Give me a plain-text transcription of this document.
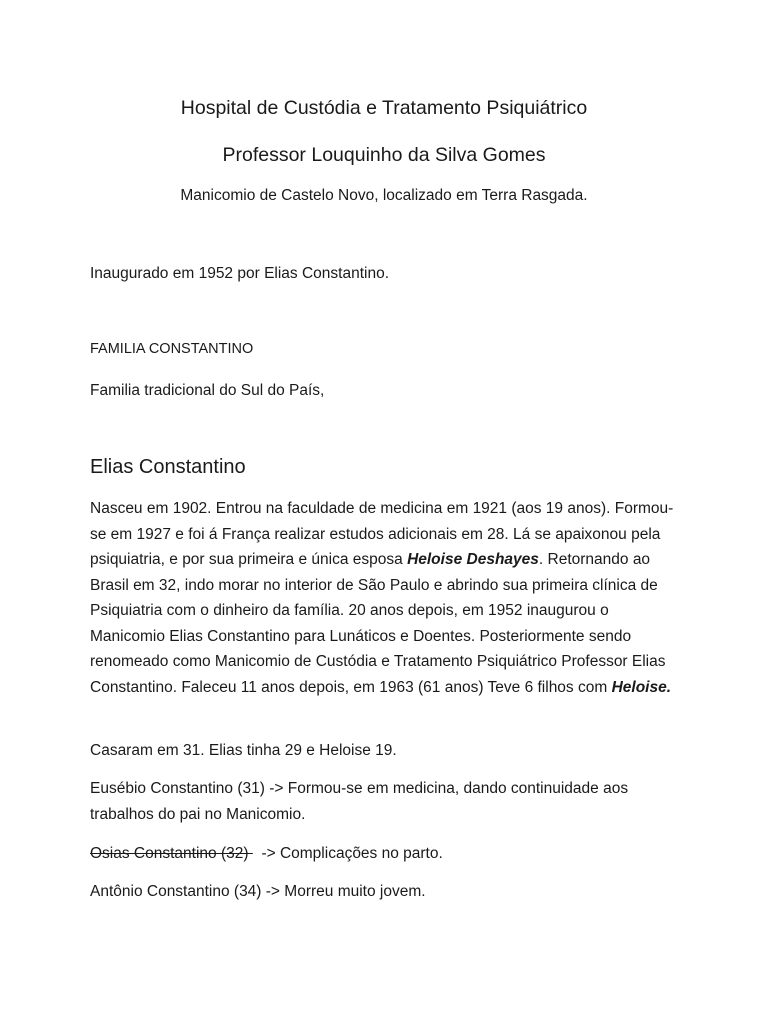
Hospital de Custódia e Tratamento Psiquiátrico

Professor Louquinho da Silva Gomes

Manicomio de Castelo Novo, localizado em Terra Rasgada.

Inaugurado em 1952 por Elias Constantino.

FAMILIA CONSTANTINO

Familia tradicional do Sul do País,

Elias Constantino

Nasceu em 1902. Entrou na faculdade de medicina em 1921 (aos 19 anos). Formou-se em 1927 e foi á França realizar estudos adicionais em 28. Lá se apaixonou pela psiquiatria, e por sua primeira e única esposa Heloise Deshayes. Retornando ao Brasil em 32, indo morar no interior de São Paulo e abrindo sua primeira clínica de Psiquiatria com o dinheiro da família. 20 anos depois, em 1952 inaugurou o Manicomio Elias Constantino para Lunáticos e Doentes. Posteriormente sendo renomeado como Manicomio de Custódia e Tratamento Psiquiátrico Professor Elias Constantino. Faleceu 11 anos depois, em 1963 (61 anos) Teve 6 filhos com Heloise.

Casaram em 31. Elias tinha 29 e Heloise 19.

Eusébio Constantino (31) -> Formou-se em medicina, dando continuidade aos trabalhos do pai no Manicomio.

Osias Constantino (32)   -> Complicações no parto.

Antônio Constantino (34) -> Morreu muito jovem.
